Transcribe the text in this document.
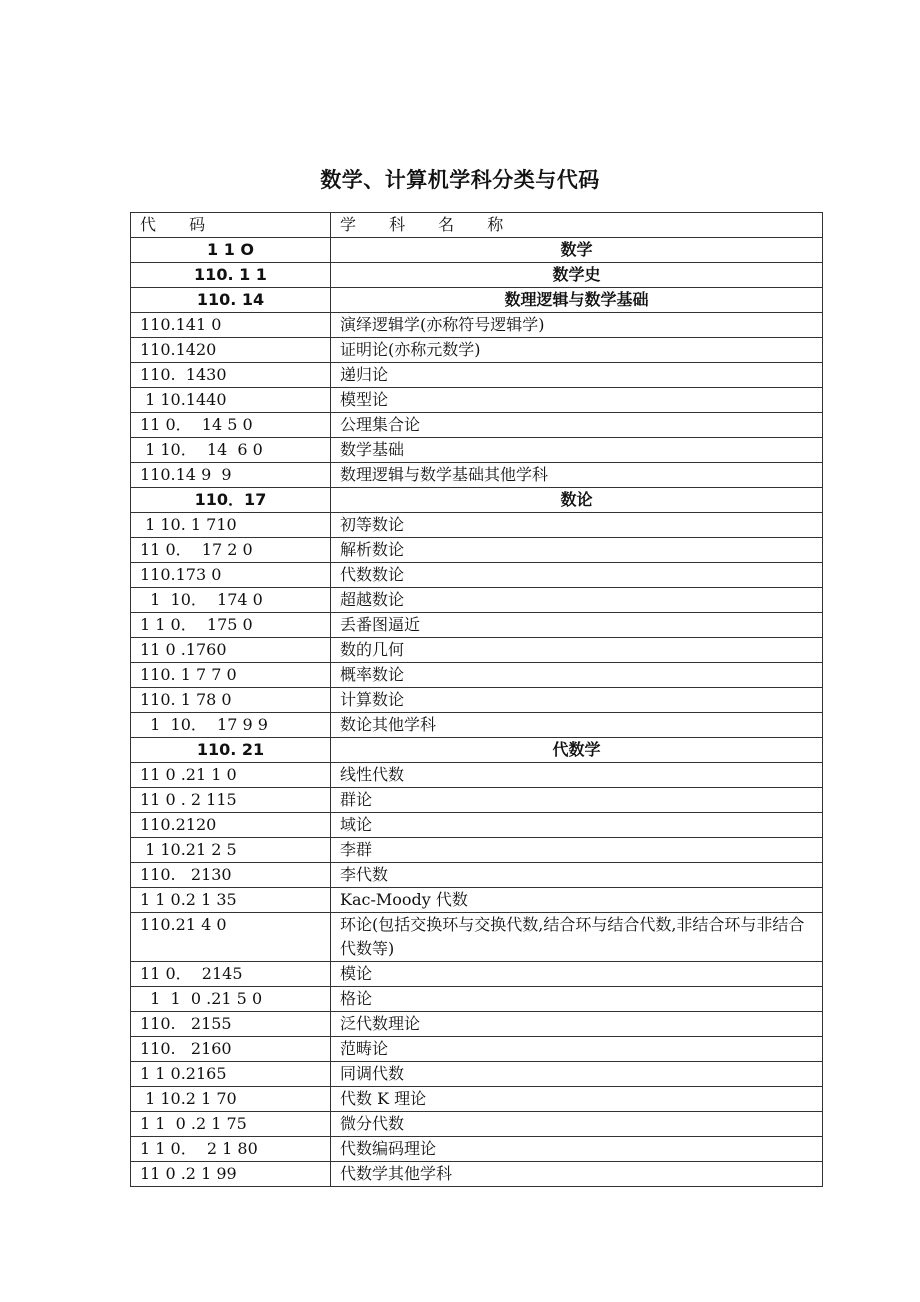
数学、计算机学科分类与代码
代 码	学 科 名 称
1 1 O	数学
110. 1 1	数学史
110. 14	数理逻辑与数学基础
110.141 0	演绎逻辑学(亦称符号逻辑学)
110.1420	证明论(亦称元数学)
110.  1430	递归论
1 10.1440	模型论
11 0．  14 5 0	公理集合论
1 10．  14  6 0	数学基础
110.14 9  9	数理逻辑与数学基础其他学科
110．17	数论
1 10. 1 710	初等数论
11 0．  17 2 0	解析数论
110.173 0	代数数论
1  10．  174 0	超越数论
1 1 0．  175 0	丢番图逼近
11 0 .1760	数的几何
110. 1 7 7 0	概率数论
110. 1 78 0	计算数论
1  10．  17 9 9	数论其他学科
110. 21	代数学
11 0 .21 1 0	线性代数
11 0 . 2 115	群论
110.2120	域论
1 10.21 2 5	李群
110.   2130	李代数
1 1 0.2 1 35	Kac-Moody 代数
110.21 4 0	环论(包括交换环与交换代数,结合环与结合代数,非结合环与非结合代数等)
11 0．  2145	模论
1  1  0 .21 5 0	格论
110.   2155	泛代数理论
110.   2160	范畴论
1 1 0.2165	同调代数
1 10.2 1 70	代数 K 理论
1 1  0 .2 1 75	微分代数
1 1 0．  2 1 80	代数编码理论
11 0 .2 1 99	代数学其他学科
